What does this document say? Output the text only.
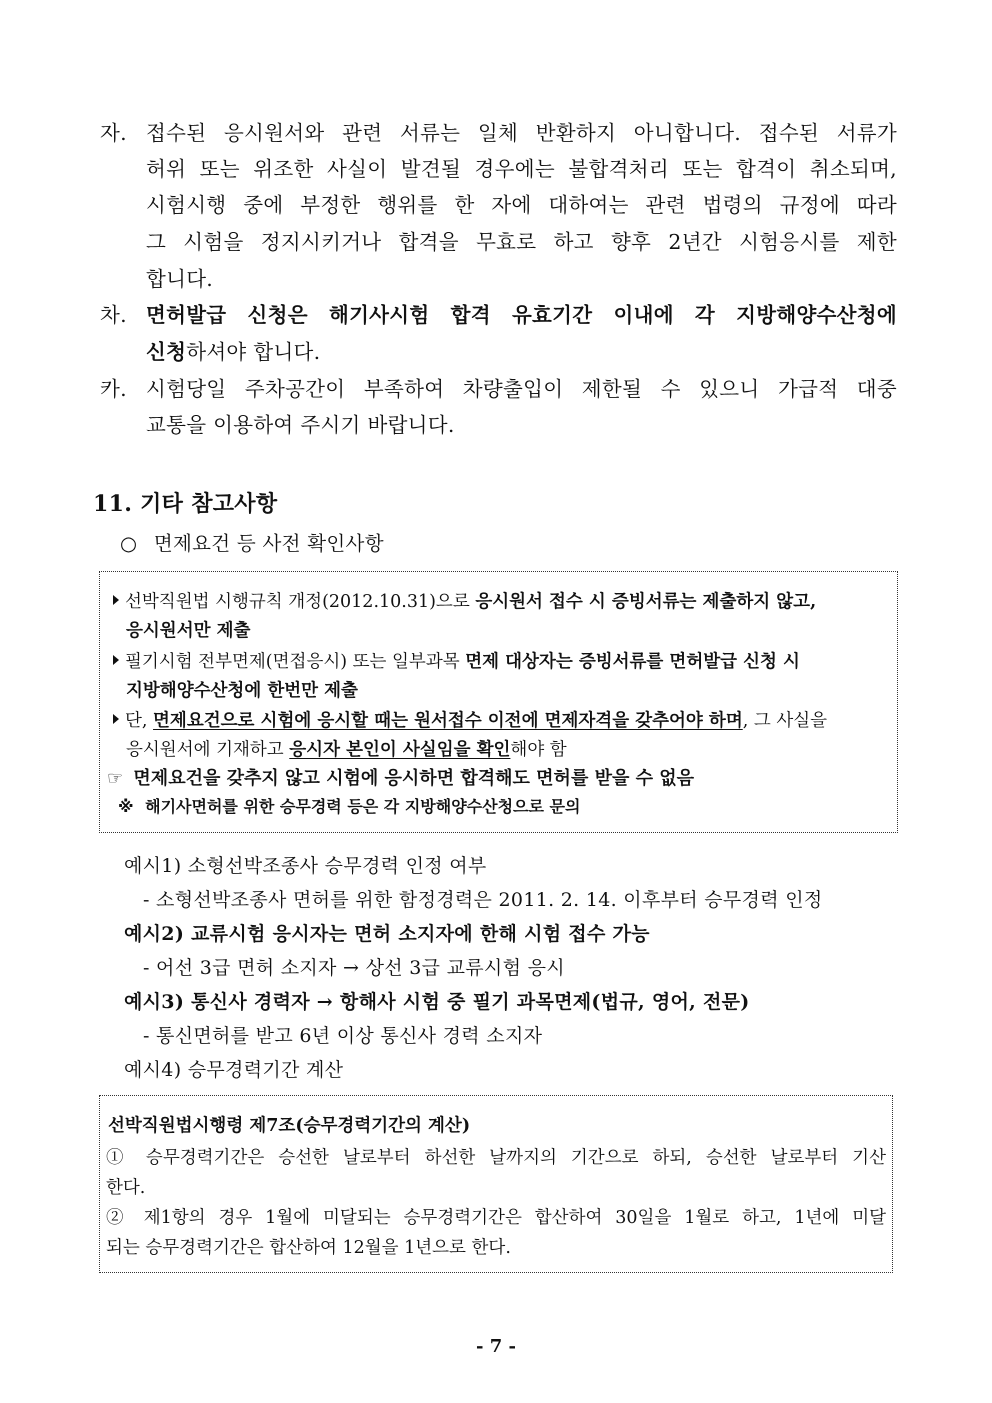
자. 접수된 응시원서와 관련 서류는 일체 반환하지 아니합니다. 접수된 서류가
허위 또는 위조한 사실이 발견될 경우에는 불합격처리 또는 합격이 취소되며,
시험시행 중에 부정한 행위를 한 자에 대하여는 관련 법령의 규정에 따라
그 시험을 정지시키거나 합격을 무효로 하고 향후 2년간 시험응시를 제한
합니다.
차. 면허발급 신청은 해기사시험 합격 유효기간 이내에 각 지방해양수산청에
신청하셔야 합니다.
카. 시험당일 주차공간이 부족하여 차량출입이 제한될 수 있으니 가급적 대중
교통을 이용하여 주시기 바랍니다.
11. 기타 참고사항
○ 면제요건 등 사전 확인사항
선박직원법 시행규칙 개정(2012.10.31)으로 응시원서 접수 시 증빙서류는 제출하지 않고,
응시원서만 제출
필기시험 전부면제(면접응시) 또는 일부과목 면제 대상자는 증빙서류를 면허발급 신청 시
지방해양수산청에 한번만 제출
단, 면제요건으로 시험에 응시할 때는 원서접수 이전에 면제자격을 갖추어야 하며, 그 사실을
응시원서에 기재하고 응시자 본인이 사실임을 확인해야 함
☞ 면제요건을 갖추지 않고 시험에 응시하면 합격해도 면허를 받을 수 없음
※ 해기사면허를 위한 승무경력 등은 각 지방해양수산청으로 문의
예시1) 소형선박조종사 승무경력 인정 여부
- 소형선박조종사 면허를 위한 함정경력은 2011. 2. 14. 이후부터 승무경력 인정
예시2) 교류시험 응시자는 면허 소지자에 한해 시험 접수 가능
- 어선 3급 면허 소지자 → 상선 3급 교류시험 응시
예시3) 통신사 경력자 → 항해사 시험 중 필기 과목면제(법규, 영어, 전문)
- 통신면허를 받고 6년 이상 통신사 경력 소지자
예시4) 승무경력기간 계산
선박직원법시행령 제7조(승무경력기간의 계산)
① 승무경력기간은 승선한 날로부터 하선한 날까지의 기간으로 하되, 승선한 날로부터 기산
한다.
② 제1항의 경우 1월에 미달되는 승무경력기간은 합산하여 30일을 1월로 하고, 1년에 미달
되는 승무경력기간은 합산하여 12월을 1년으로 한다.
- 7 -
